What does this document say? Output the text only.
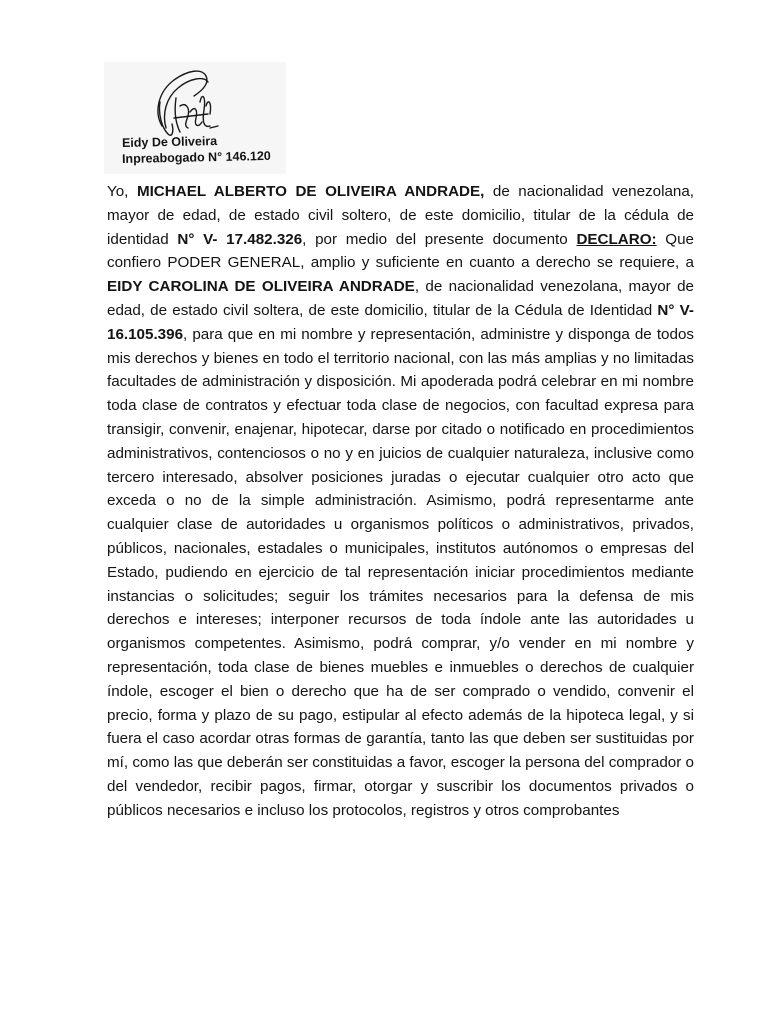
Eidy De Oliveira
Inpreabogado N° 146.120

Yo, MICHAEL ALBERTO DE OLIVEIRA ANDRADE, de nacionalidad venezolana, mayor de edad, de estado civil soltero, de este domicilio, titular de la cédula de identidad N° V- 17.482.326, por medio del presente documento DECLARO: Que confiero PODER GENERAL, amplio y suficiente en cuanto a derecho se requiere, a EIDY CAROLINA DE OLIVEIRA ANDRADE, de nacionalidad venezolana, mayor de edad, de estado civil soltera, de este domicilio, titular de la Cédula de Identidad N° V- 16.105.396, para que en mi nombre y representación, administre y disponga de todos mis derechos y bienes en todo el territorio nacional, con las más amplias y no limitadas facultades de administración y disposición. Mi apoderada podrá celebrar en mi nombre toda clase de contratos y efectuar toda clase de negocios, con facultad expresa para transigir, convenir, enajenar, hipotecar, darse por citado o notificado en procedimientos administrativos, contenciosos o no y en juicios de cualquier naturaleza, inclusive como tercero interesado, absolver posiciones juradas o ejecutar cualquier otro acto que exceda o no de la simple administración. Asimismo, podrá representarme ante cualquier clase de autoridades u organismos políticos o administrativos, privados, públicos, nacionales, estadales o municipales, institutos autónomos o empresas del Estado, pudiendo en ejercicio de tal representación iniciar procedimientos mediante instancias o solicitudes; seguir los trámites necesarios para la defensa de mis derechos e intereses; interponer recursos de toda índole ante las autoridades u organismos competentes. Asimismo, podrá comprar, y/o vender en mi nombre y representación, toda clase de bienes muebles e inmuebles o derechos de cualquier índole, escoger el bien o derecho que ha de ser comprado o vendido, convenir el precio, forma y plazo de su pago, estipular al efecto además de la hipoteca legal, y si fuera el caso acordar otras formas de garantía, tanto las que deben ser sustituidas por mí, como las que deberán ser constituidas a favor, escoger la persona del comprador o del vendedor, recibir pagos, firmar, otorgar y suscribir los documentos privados o públicos necesarios e incluso los protocolos, registros y otros comprobantes
